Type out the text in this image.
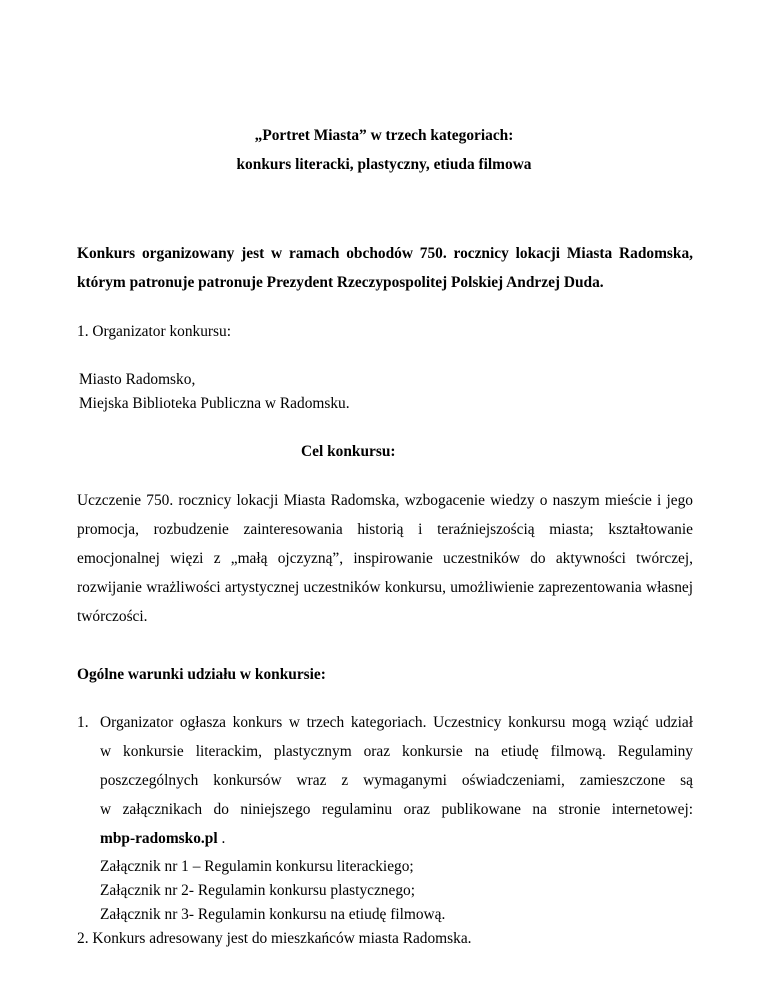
„Portret Miasta” w trzech kategoriach:
konkurs literacki, plastyczny, etiuda filmowa
Konkurs organizowany jest w ramach obchodów 750. rocznicy lokacji Miasta Radomska,
którym patronuje patronuje Prezydent Rzeczypospolitej Polskiej Andrzej Duda.
1. Organizator konkursu:
Miasto Radomsko,
Miejska Biblioteka Publiczna w Radomsku.
Cel konkursu:
Uczczenie 750. rocznicy lokacji Miasta Radomska, wzbogacenie wiedzy o naszym mieście i jego
promocja, rozbudzenie zainteresowania historią i teraźniejszością miasta; kształtowanie
emocjonalnej więzi z „małą ojczyzną”, inspirowanie uczestników do aktywności twórczej,
rozwijanie wrażliwości artystycznej uczestników konkursu, umożliwienie zaprezentowania własnej
twórczości.
Ogólne warunki udziału w konkursie:
1. Organizator ogłasza konkurs w trzech kategoriach. Uczestnicy konkursu mogą wziąć udział
w konkursie literackim, plastycznym oraz konkursie na etiudę filmową. Regulaminy
poszczególnych konkursów wraz z wymaganymi oświadczeniami, zamieszczone są
w załącznikach do niniejszego regulaminu oraz publikowane na stronie internetowej:
mbp-radomsko.pl .
Załącznik nr 1 – Regulamin konkursu literackiego;
Załącznik nr 2- Regulamin konkursu plastycznego;
Załącznik nr 3- Regulamin konkursu na etiudę filmową.
2. Konkurs adresowany jest do mieszkańców miasta Radomska.
